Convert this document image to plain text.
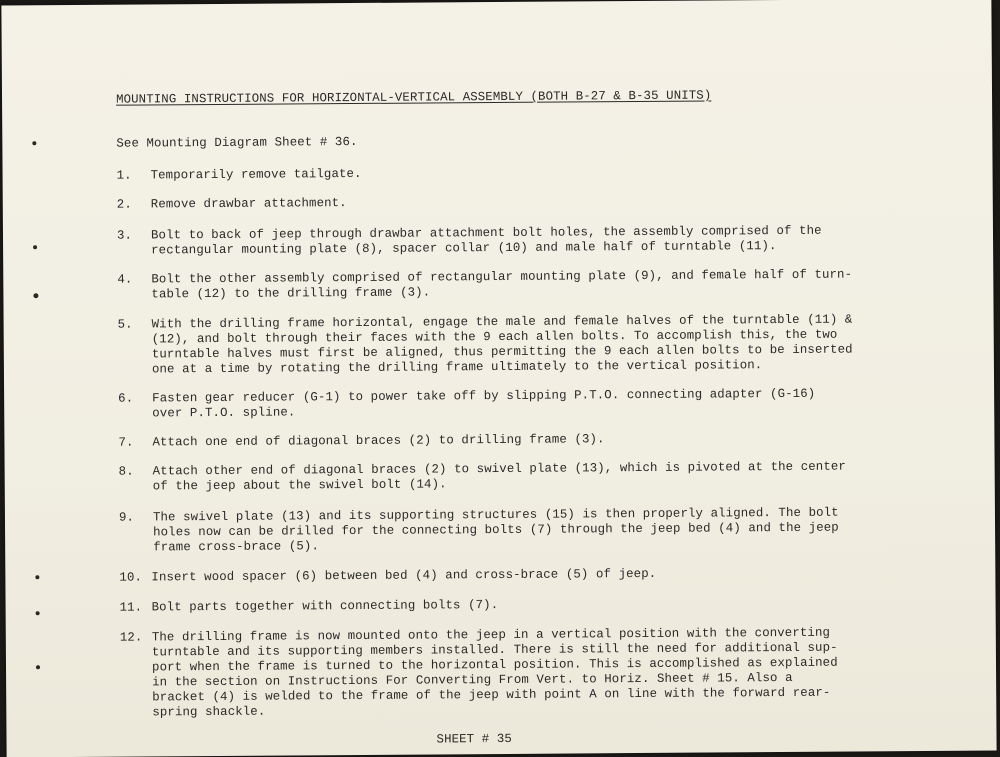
MOUNTING INSTRUCTIONS FOR HORIZONTAL-VERTICAL ASSEMBLY (BOTH B-27 & B-35 UNITS)
See Mounting Diagram Sheet # 36.
1.	Temporarily remove tailgate.
2.	Remove drawbar attachment.
3.	Bolt to back of jeep through drawbar attachment bolt holes, the assembly comprised of the
rectangular mounting plate (8), spacer collar (10) and male half of turntable (11).
4.	Bolt the other assembly comprised of rectangular mounting plate (9), and female half of turn-
table (12) to the drilling frame (3).
5.	With the drilling frame horizontal, engage the male and female halves of the turntable (11) &
(12), and bolt through their faces with the 9 each allen bolts. To accomplish this, the two
turntable halves must first be aligned, thus permitting the 9 each allen bolts to be inserted
one at a time by rotating the drilling frame ultimately to the vertical position.
6.	Fasten gear reducer (G-1) to power take off by slipping P.T.O. connecting adapter (G-16)
over P.T.O. spline.
7.	Attach one end of diagonal braces (2) to drilling frame (3).
8.	Attach other end of diagonal braces (2) to swivel plate (13), which is pivoted at the center
of the jeep about the swivel bolt (14).
9.	The swivel plate (13) and its supporting structures (15) is then properly aligned. The bolt
holes now can be drilled for the connecting bolts (7) through the jeep bed (4) and the jeep
frame cross-brace (5).
10. Insert wood spacer (6) between bed (4) and cross-brace (5) of jeep.
11. Bolt parts together with connecting bolts (7).
12. The drilling frame is now mounted onto the jeep in a vertical position with the converting
turntable and its supporting members installed. There is still the need for additional sup-
port when the frame is turned to the horizontal position. This is accomplished as explained
in the section on Instructions For Converting From Vert. to Horiz. Sheet # 15. Also a
bracket (4) is welded to the frame of the jeep with point A on line with the forward rear-
spring shackle.
SHEET # 35
